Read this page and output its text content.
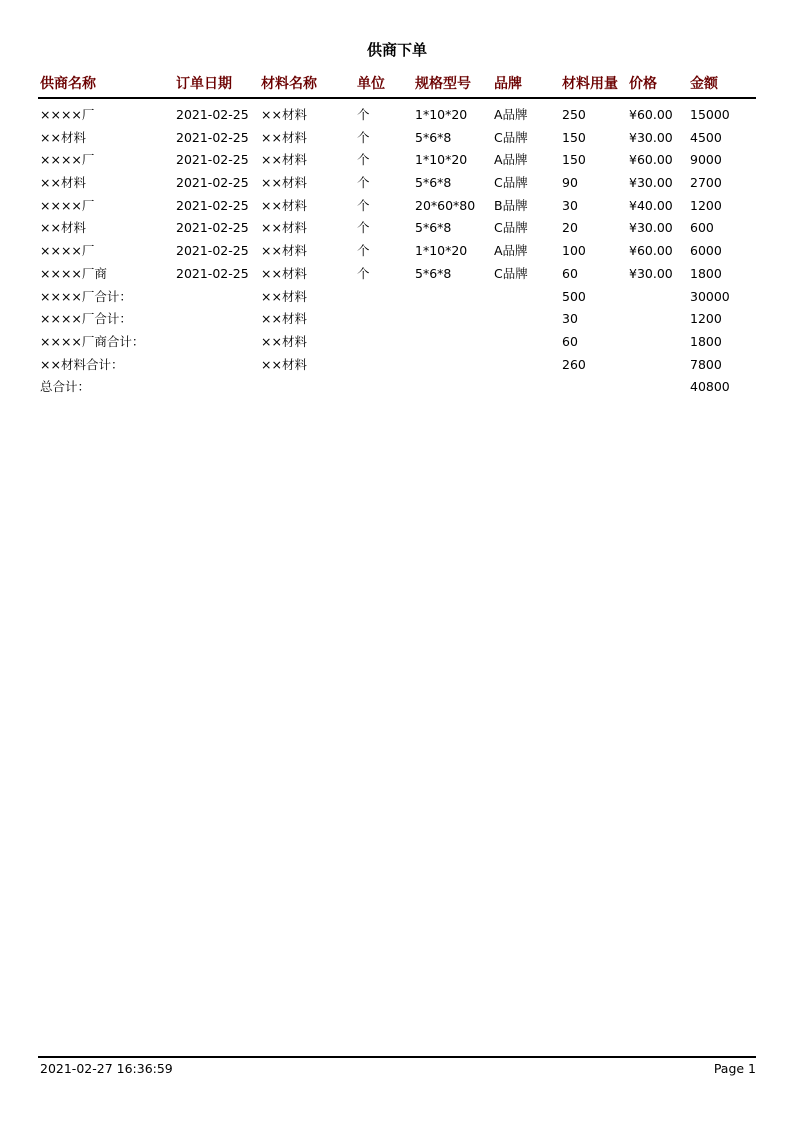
供商下单
供商名称	订单日期 材料名称	单位 规格型号 品牌	材料用量 价格 金额
××××厂	2021-02-25 ××材料	个	1*10*20 A品牌	250	¥60.00 15000
××材料	2021-02-25 ××材料	个	5*6*8	C品牌	150	¥30.00 4500
××××厂	2021-02-25 ××材料	个	1*10*20 A品牌	150	¥60.00 9000
××材料	2021-02-25 ××材料	个	5*6*8	C品牌	90	¥30.00 2700
××××厂	2021-02-25 ××材料	个	20*60*80 B品牌	30	¥40.00 1200
××材料	2021-02-25 ××材料	个	5*6*8	C品牌	20	¥30.00 600
××××厂	2021-02-25 ××材料	个	1*10*20 A品牌	100	¥60.00 6000
××××厂商	2021-02-25 ××材料	个	5*6*8	C品牌	60	¥30.00 1800
××××厂合计：	××材料	500	30000
××××厂合计：	××材料	30	1200
××××厂商合计：	××材料	60	1800
××材料合计：	××材料	260	7800
总合计：	40800
2021-02-27 16:36:59	Page 1
